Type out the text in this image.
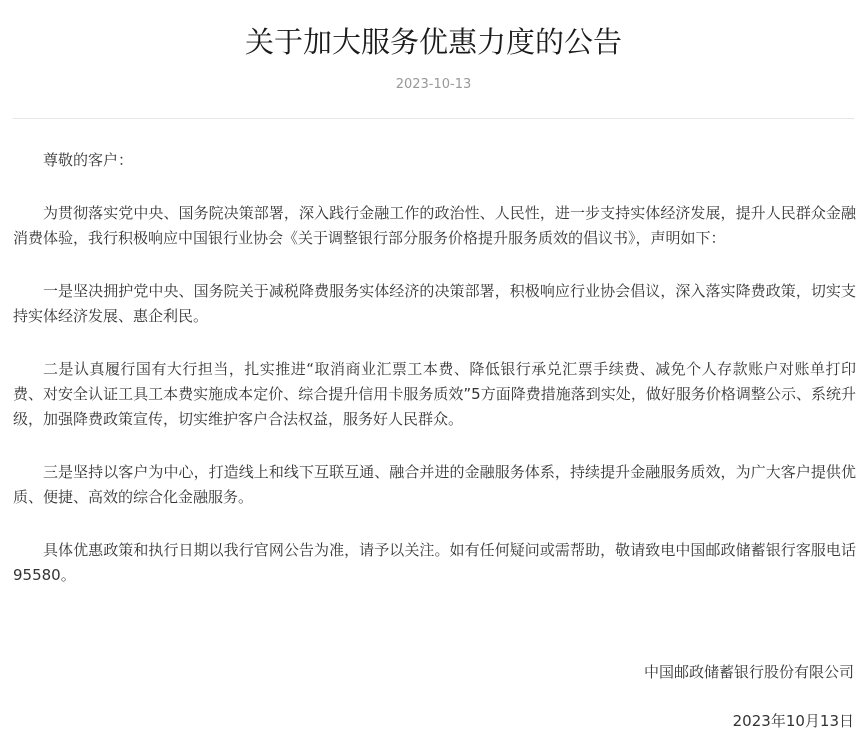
关于加大服务优惠力度的公告
2023-10-13

尊敬的客户：

为贯彻落实党中央、国务院决策部署，深入践行金融工作的政治性、人民性，进一步支持实体经济发展，提升人民群众金融消费体验，我行积极响应中国银行业协会《关于调整银行部分服务价格提升服务质效的倡议书》，声明如下：

一是坚决拥护党中央、国务院关于减税降费服务实体经济的决策部署，积极响应行业协会倡议，深入落实降费政策，切实支持实体经济发展、惠企利民。

二是认真履行国有大行担当，扎实推进“取消商业汇票工本费、降低银行承兑汇票手续费、减免个人存款账户对账单打印费、对安全认证工具工本费实施成本定价、综合提升信用卡服务质效”5方面降费措施落到实处，做好服务价格调整公示、系统升级，加强降费政策宣传，切实维护客户合法权益，服务好人民群众。

三是坚持以客户为中心，打造线上和线下互联互通、融合并进的金融服务体系，持续提升金融服务质效，为广大客户提供优质、便捷、高效的综合化金融服务。

具体优惠政策和执行日期以我行官网公告为准，请予以关注。如有任何疑问或需帮助，敬请致电中国邮政储蓄银行客服电话95580。

中国邮政储蓄银行股份有限公司
2023年10月13日
